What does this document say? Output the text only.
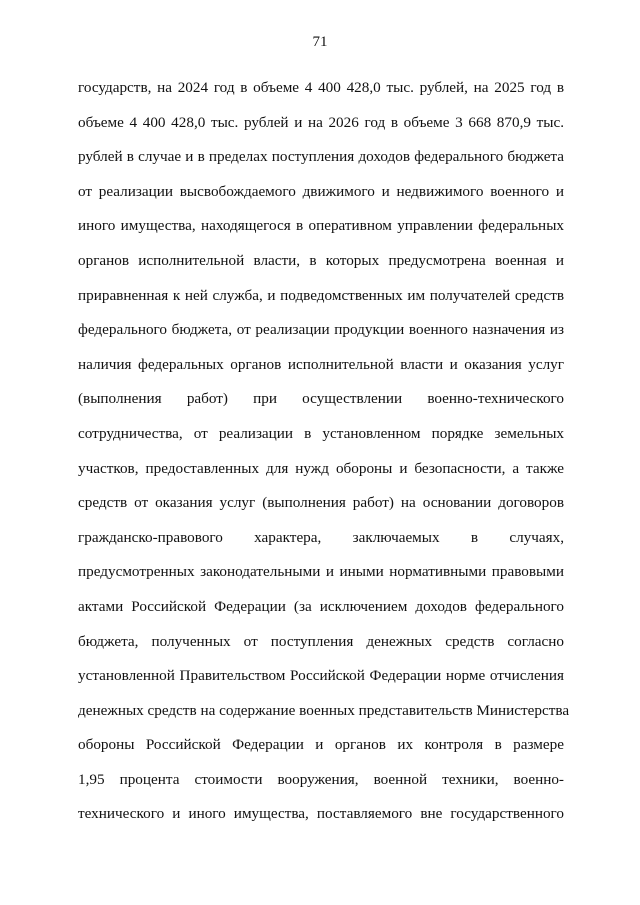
71
государств, на 2024 год в объеме 4 400 428,0 тыс. рублей, на 2025 год в
объеме 4 400 428,0 тыс. рублей и на 2026 год в объеме 3 668 870,9 тыс.
рублей в случае и в пределах поступления доходов федерального бюджета
от реализации высвобождаемого движимого и недвижимого военного и
иного имущества, находящегося в оперативном управлении федеральных
органов исполнительной власти, в которых предусмотрена военная и
приравненная к ней служба, и подведомственных им получателей средств
федерального бюджета, от реализации продукции военного назначения из
наличия федеральных органов исполнительной власти и оказания услуг
(выполнения работ) при осуществлении военно-технического
сотрудничества, от реализации в установленном порядке земельных
участков, предоставленных для нужд обороны и безопасности, а также
средств от оказания услуг (выполнения работ) на основании договоров
гражданско-правового характера, заключаемых в случаях,
предусмотренных законодательными и иными нормативными правовыми
актами Российской Федерации (за исключением доходов федерального
бюджета, полученных от поступления денежных средств согласно
установленной Правительством Российской Федерации норме отчисления
денежных средств на содержание военных представительств Министерства
обороны Российской Федерации и органов их контроля в размере
1,95 процента стоимости вооружения, военной техники, военно-
технического и иного имущества, поставляемого вне государственного
